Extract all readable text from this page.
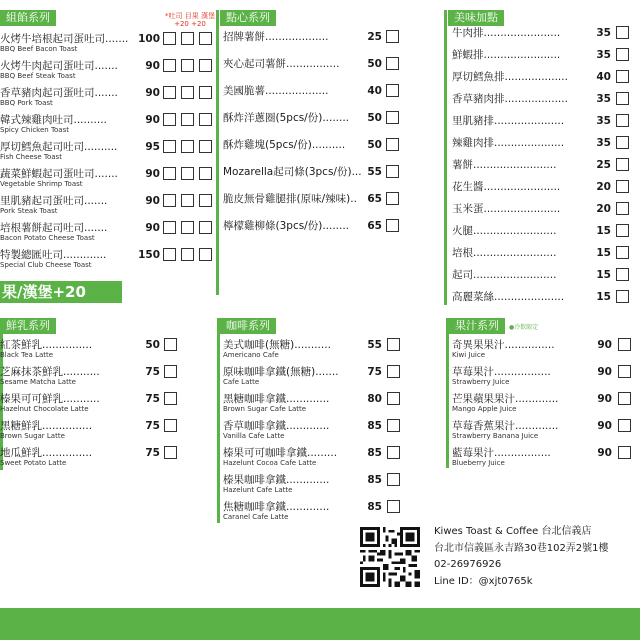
組餡系列	*吐司 目果 漢堡
+20 +20
火烤牛培根起司蛋吐司.......
BBQ Beef Bacon Toast
100
火烤牛肉起司蛋吐司.......
BBQ Beef Steak Toast
90
香草豬肉起司蛋吐司.......
BBQ Pork Toast
90
韓式辣雞肉吐司..........
Spicy Chicken Toast
90
厚切鱈魚起司吐司..........
Fish Cheese Toast
95
蔬菜鮮蝦起司蛋吐司.......
Vegetable Shrimp Toast
90
里肌豬起司蛋吐司.......
Pork Steak Toast
90
培根薯餅起司吐司.......
Bacon Potato Cheese Toast
90
特製總匯吐司.............
Special Club Cheese Toast
150
果/漢堡+20
點心系列
招牌薯餅...................	25
夾心起司薯餅................	50
美國脆薯...................	40
酥炸洋蔥圈(5pcs/份)........ 50
酥炸雞塊(5pcs/份).......... 50
Mozarella起司條(3pcs/份)... 55
脆皮無骨雞腿排(原味/辣味).. 65
檸檬雞柳條(3pcs/份)........ 65
美味加點
牛肉排.......................	35
鮮蝦排.......................	35
厚切鱈魚排...................	40
香草豬肉排...................	35
里肌豬排.....................	35
辣雞肉排.....................	35
薯餅.........................	25
花生醬.......................	20
玉米蛋.......................	20
火腿.........................	15
培根.........................	15
起司.........................	15
高麗菜絲.....................	15
鮮乳系列
紅茶鮮乳...............
Black Tea Latte
50
芝麻抹茶鮮乳...........
Sesame Matcha Latte
75
榛果可可鮮乳...........
Hazelnut Chocolate Latte
75
黑糖鮮乳...............
Brown Sugar Latte
75
地瓜鮮乳...............
Sweet Potato Latte
75
咖啡系列
美式咖啡(無糖)...........
Americano Cafe
55
原味咖啡拿鐵(無糖).......
Cafe Latte
75
黑糖咖啡拿鐵.............
Brown Sugar Cafe Latte
80
香草咖啡拿鐵.............
Vanilla Cafe Latte
85
榛果可可咖啡拿鐵.........
Hazelunt Cocoa Cafe Latte
85
榛果咖啡拿鐵.............
Hazelunt Cafe Latte
85
焦糖咖啡拿鐵.............
Caranel Cafe Latte
85
果汁系列	●冷飲限定
奇異果果汁...............
Kiwi Juice
90
草莓果汁.................
Strawberry Juice
90
芒果蘋果果汁.............
Mango Apple Juice
90
草莓香蕉果汁.............
Strawberry Banana Juice
90
藍莓果汁.................
Blueberry Juice
90
Kiwes Toast & Coffee 台北信義店
台北市信義區永吉路30巷102弄2號1樓
02-26976926
Line ID：@xjt0765k
